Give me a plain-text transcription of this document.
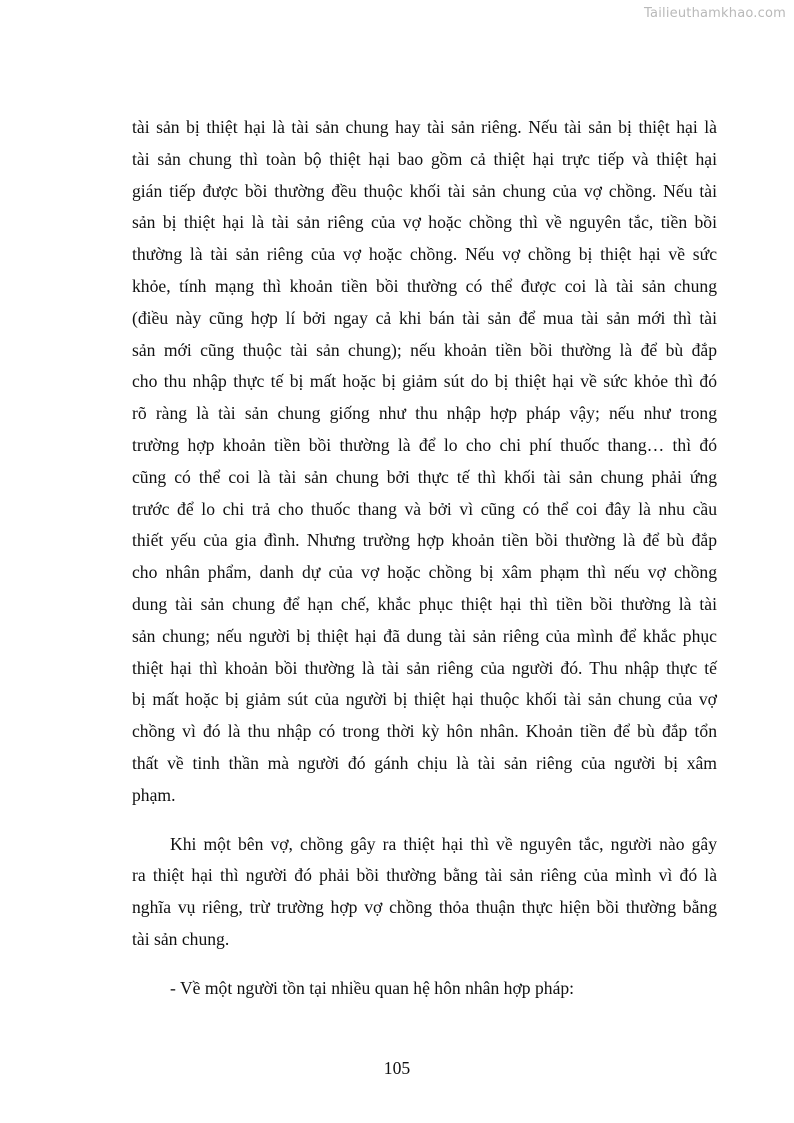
Tailieuthamkhao.com
tài sản bị thiệt hại là tài sản chung hay tài sản riêng. Nếu tài sản bị thiệt hại là
tài sản chung thì toàn bộ thiệt hại bao gồm cả thiệt hại trực tiếp và thiệt hại
gián tiếp được bồi thường đều thuộc khối tài sản chung của vợ chồng. Nếu tài
sản bị thiệt hại là tài sản riêng của vợ hoặc chồng thì về nguyên tắc, tiền bồi
thường là tài sản riêng của vợ hoặc chồng. Nếu vợ chồng bị thiệt hại về sức
khỏe, tính mạng thì khoản tiền bồi thường có thể được coi là tài sản chung
(điều này cũng hợp lí bởi ngay cả khi bán tài sản để mua tài sản mới thì tài
sản mới cũng thuộc tài sản chung); nếu khoản tiền bồi thường là để bù đắp
cho thu nhập thực tế bị mất hoặc bị giảm sút do bị thiệt hại về sức khỏe thì đó
rõ ràng là tài sản chung giống như thu nhập hợp pháp vậy; nếu như trong
trường hợp khoản tiền bồi thường là để lo cho chi phí thuốc thang… thì đó
cũng có thể coi là tài sản chung bởi thực tế thì khối tài sản chung phải ứng
trước để lo chi trả cho thuốc thang và bởi vì cũng có thể coi đây là nhu cầu
thiết yếu của gia đình. Nhưng trường hợp khoản tiền bồi thường là để bù đắp
cho nhân phẩm, danh dự của vợ hoặc chồng bị xâm phạm thì nếu vợ chồng
dung tài sản chung để hạn chế, khắc phục thiệt hại thì tiền bồi thường là tài
sản chung; nếu người bị thiệt hại đã dung tài sản riêng của mình để khắc phục
thiệt hại thì khoản bồi thường là tài sản riêng của người đó. Thu nhập thực tế
bị mất hoặc bị giảm sút của người bị thiệt hại thuộc khối tài sản chung của vợ
chồng vì đó là thu nhập có trong thời kỳ hôn nhân. Khoản tiền để bù đắp tổn
thất về tinh thần mà người đó gánh chịu là tài sản riêng của người bị xâm
phạm.
Khi một bên vợ, chồng gây ra thiệt hại thì về nguyên tắc, người nào gây
ra thiệt hại thì người đó phải bồi thường bằng tài sản riêng của mình vì đó là
nghĩa vụ riêng, trừ trường hợp vợ chồng thỏa thuận thực hiện bồi thường bằng
tài sản chung.
- Về một người tồn tại nhiều quan hệ hôn nhân hợp pháp:
105
